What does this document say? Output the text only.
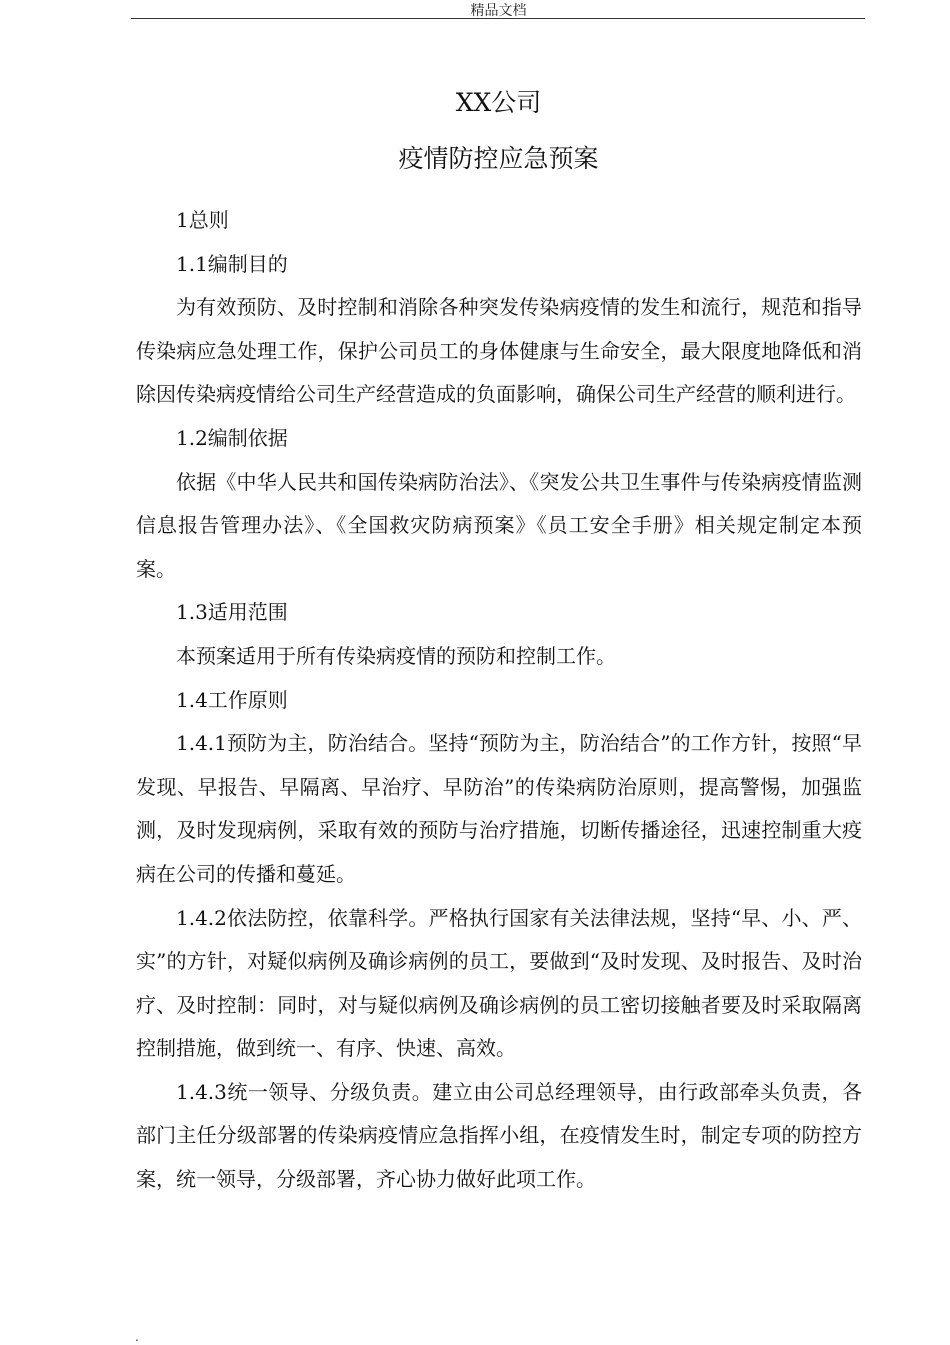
精品文档
XX公司
疫情防控应急预案

1总则

1.1编制目的

为有效预防、及时控制和消除各种突发传染病疫情的发生和流行，规范和指导传染病应急处理工作，保护公司员工的身体健康与生命安全，最大限度地降低和消除因传染病疫情给公司生产经营造成的负面影响，确保公司生产经营的顺利进行。

1.2编制依据

依据《中华人民共和国传染病防治法》、《突发公共卫生事件与传染病疫情监测信息报告管理办法》、《全国救灾防病预案》《员工安全手册》相关规定制定本预案。

1.3适用范围

本预案适用于所有传染病疫情的预防和控制工作。

1.4工作原则

1.4.1预防为主，防治结合。坚持“预防为主，防治结合”的工作方针，按照“早发现、早报告、早隔离、早治疗、早防治”的传染病防治原则，提高警惕，加强监测，及时发现病例，采取有效的预防与治疗措施，切断传播途径，迅速控制重大疫病在公司的传播和蔓延。

1.4.2依法防控，依靠科学。严格执行国家有关法律法规，坚持“早、小、严、实”的方针，对疑似病例及确诊病例的员工，要做到“及时发现、及时报告、及时治疗、及时控制：同时，对与疑似病例及确诊病例的员工密切接触者要及时采取隔离控制措施，做到统一、有序、快速、高效。

1.4.3统一领导、分级负责。建立由公司总经理领导，由行政部牵头负责，各部门主任分级部署的传染病疫情应急指挥小组，在疫情发生时，制定专项的防控方案，统一领导，分级部署，齐心协力做好此项工作。

.
